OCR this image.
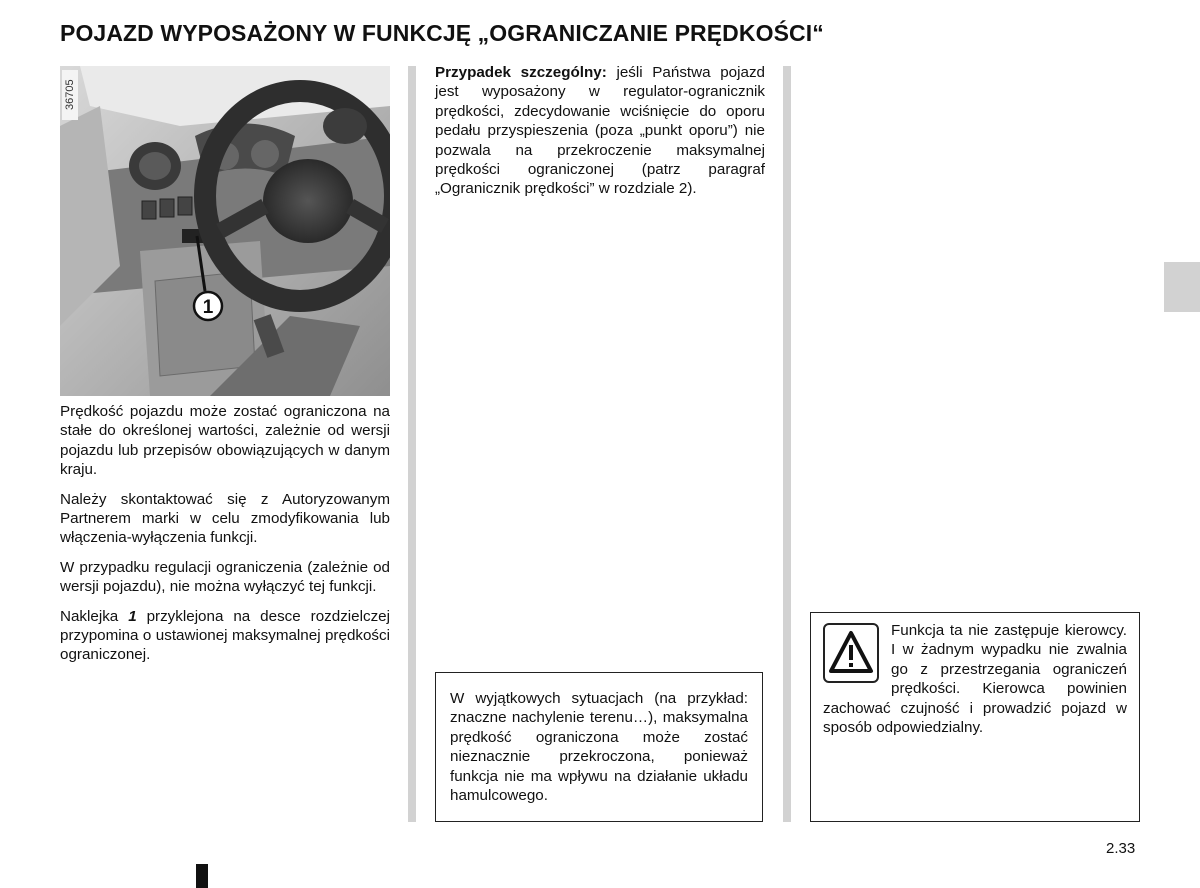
POJAZD WYPOSAŻONY W FUNKCJĘ „OGRANICZANIE PRĘDKOŚCI“
1
36705

Prędkość pojazdu może zostać ograniczona na stałe do określonej wartości, zależnie od wersji pojazdu lub przepisów obowiązujących w danym kraju.

Należy skontaktować się z Autoryzowanym Partnerem marki w celu zmodyfikowania lub włączenia-wyłączenia funkcji.

W przypadku regulacji ograniczenia (zależnie od wersji pojazdu), nie można wyłączyć tej funkcji.

Naklejka 1 przyklejona na desce rozdzielczej przypomina o ustawionej maksymalnej prędkości ograniczonej.

Przypadek szczególny: jeśli Państwa pojazd jest wyposażony w regulator-ogranicznik prędkości, zdecydowanie wciśnięcie do oporu pedału przyspieszenia (poza „punkt oporu”) nie pozwala na przekroczenie maksymalnej prędkości ograniczonej (patrz paragraf „Ogranicznik prędkości” w rozdziale 2).
W wyjątkowych sytuacjach (na przykład: znaczne nachylenie terenu…), maksymalna prędkość ograniczona może zostać nieznacznie przekroczona, ponieważ funkcja nie ma wpływu na działanie układu hamulcowego.
Funkcja ta nie zastępuje kierowcy. I w żadnym wypadku nie zwalnia go z przestrzegania ograniczeń prędkości. Kierowca powinien zachować czujność i prowadzić pojazd w sposób odpowiedzialny.
2.33
